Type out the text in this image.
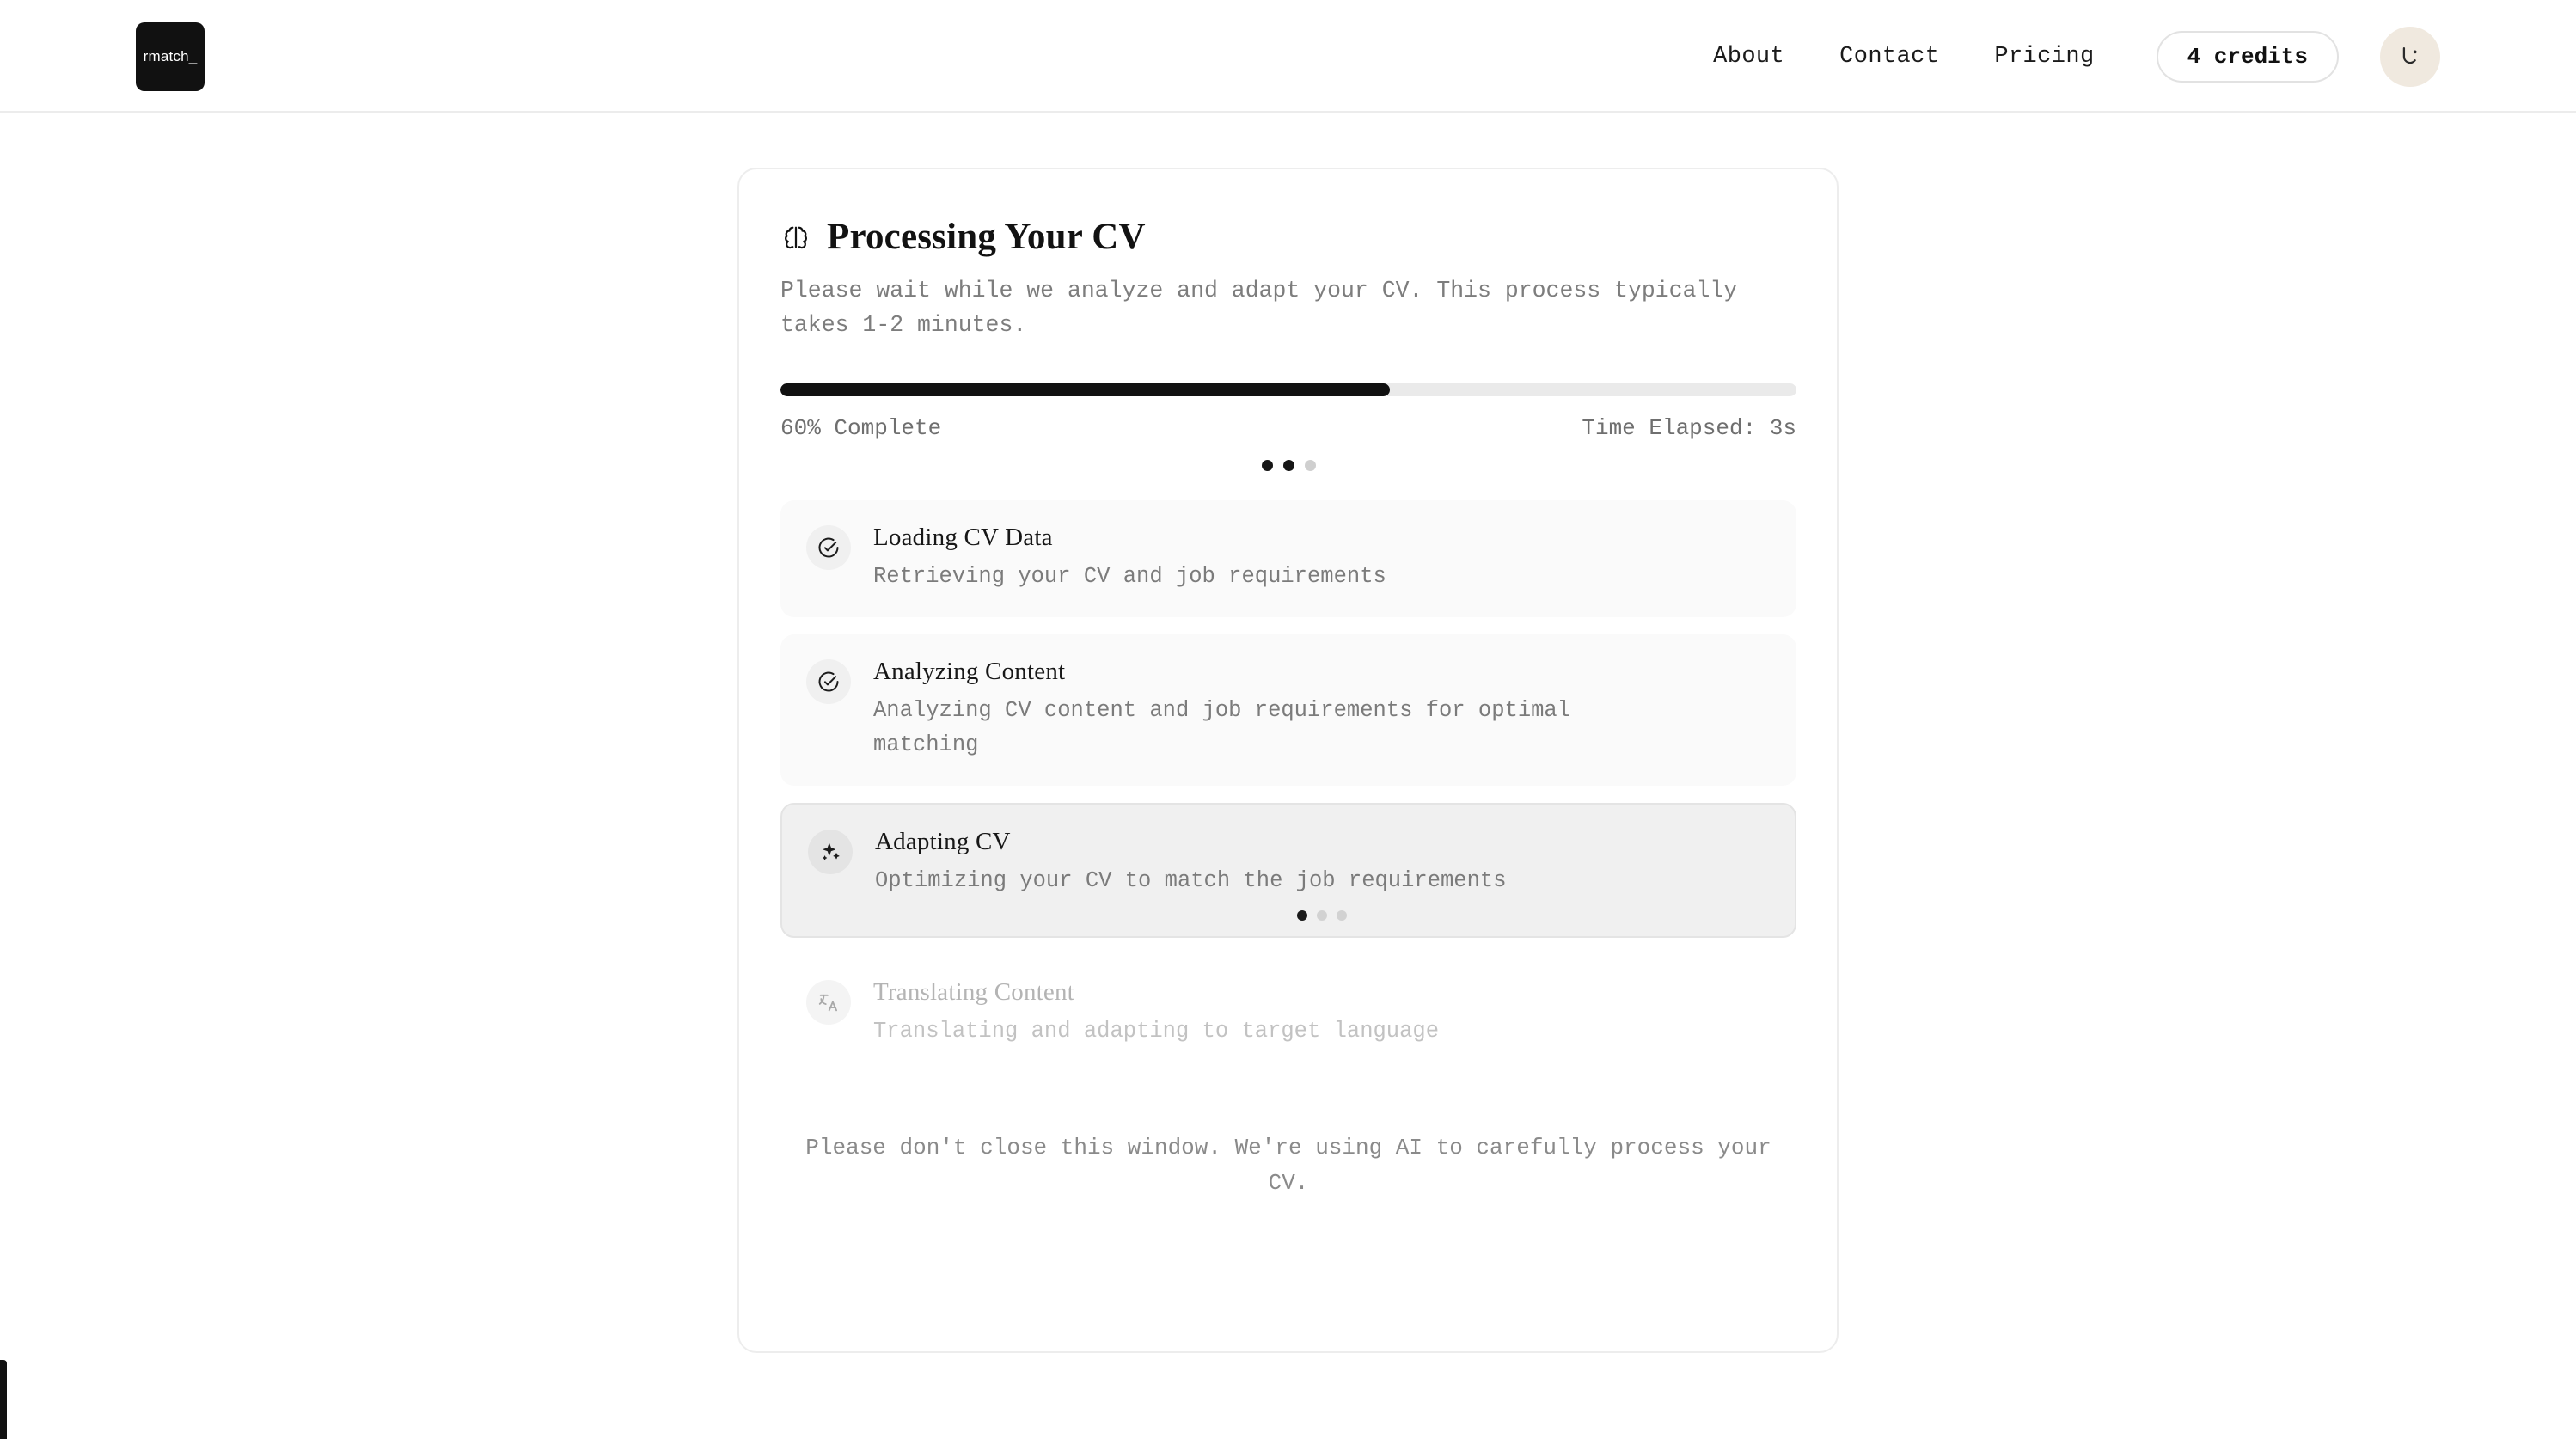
rmatch_	About	Contact	Pricing	4 credits
Processing Your CV
Please wait while we analyze and adapt your CV. This process typically takes 1-2 minutes.
60% Complete	Time Elapsed: 3s
Loading CV Data
Retrieving your CV and job requirements
Analyzing Content
Analyzing CV content and job requirements for optimal matching
Adapting CV
Optimizing your CV to match the job requirements
Translating Content
Translating and adapting to target language
Please don't close this window. We're using AI to carefully process your CV.
